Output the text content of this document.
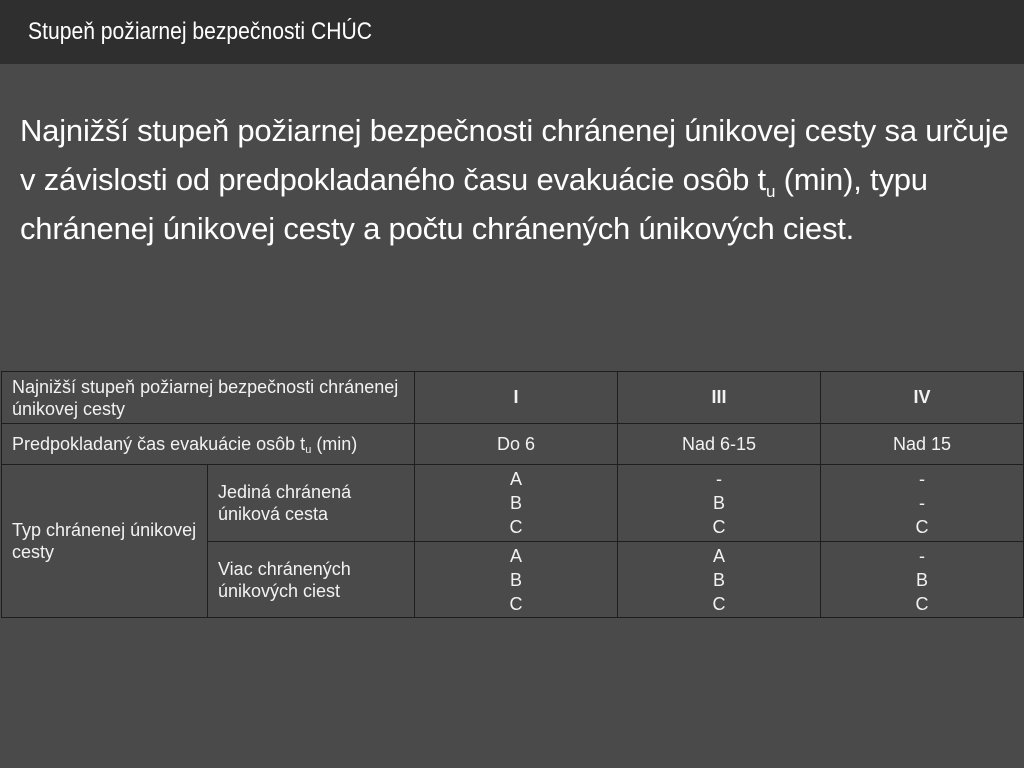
Stupeň požiarnej bezpečnosti CHÚC
Najnižší stupeň požiarnej bezpečnosti chránenej únikovej cesty sa určuje v závislosti od predpokladaného času evakuácie osôb $t_u$ (min), typu chránenej únikovej cesty a počtu chránených únikových ciest.
Najnižší stupeň požiarnej bezpečnosti chránenej únikovej cesty		I	III	IV
Predpokladaný čas evakuácie osôb tu (min)		Do 6	Nad 6-15	Nad 15
Typ chránenej únikovej cesty	Jediná chránená úniková cesta	A
B
C	-
B
C	-
-
C

	Viac chránených únikových ciest	A
B
C	A
B
C	-
B
C
